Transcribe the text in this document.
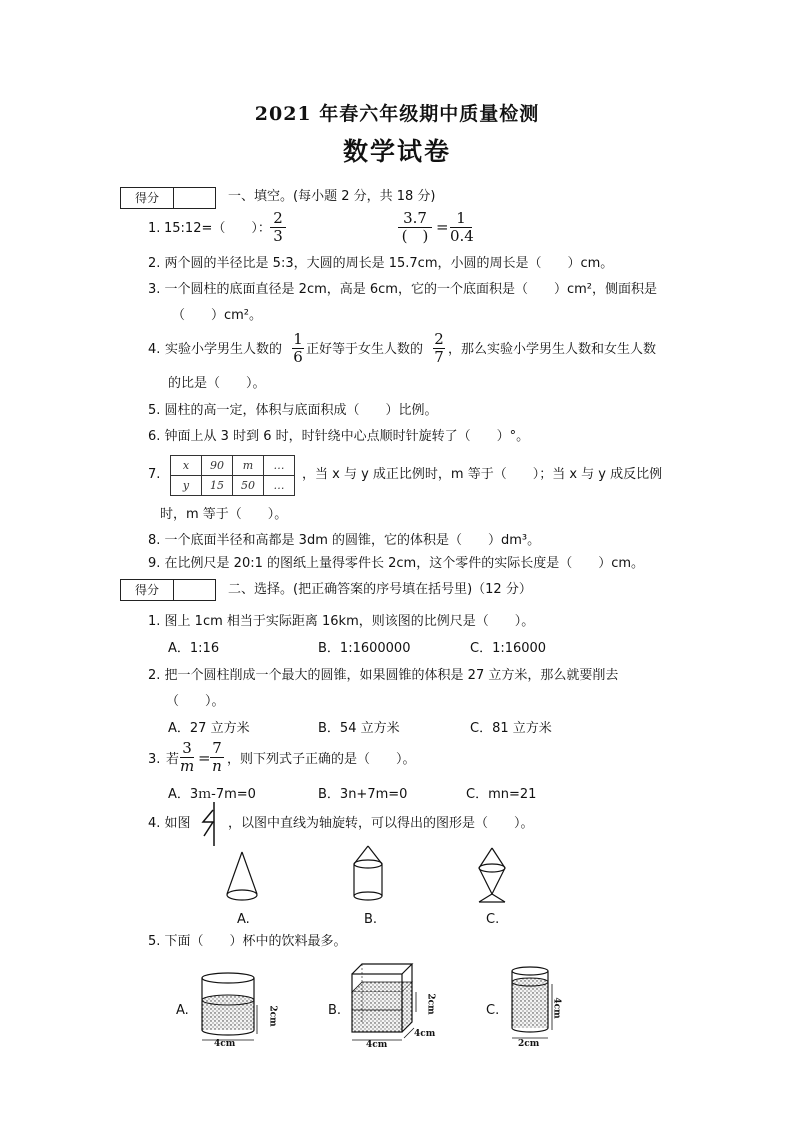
2021 年春六年级期中质量检测
数学试卷
得分	一、填空。(每小题 2 分，共 18 分)
1. 15:12=（　　）：
2
3
3.7
(　) = 1
0.4
2. 两个圆的半径比是 5:3，大圆的周长是 15.7cm，小圆的周长是（　　）cm。
3. 一个圆柱的底面直径是 2cm，高是 6cm，它的一个底面积是（　　）cm²，侧面积是
（　　）cm²。
4. 实验小学男生人数的
1
6 正好等于女生人数的
2
7 ，那么实验小学男生人数和女生人数
的比是（　　）。
5. 圆柱的高一定，体积与底面积成（　　）比例。
6. 钟面上从 3 时到 6 时，时针绕中心点顺时针旋转了（　　）°。
7.
x	90	m	…
y	15	50	…
，当 x 与 y 成正比例时，m 等于（　　）；当 x 与 y 成反比例
时，m 等于（　　）。
8. 一个底面半径和高都是 3dm 的圆锥，它的体积是（　　）dm³。
9. 在比例尺是 20:1 的图纸上量得零件长 2cm，这个零件的实际长度是（　　）cm。
得分	二、选择。(把正确答案的序号填在括号里)（12 分）
1. 图上 1cm 相当于实际距离 16km，则该图的比例尺是（　　）。
A．1:16	B．1:1600000	C．1:16000
2. 把一个圆柱削成一个最大的圆锥，如果圆锥的体积是 27 立方米，那么就要削去
（　　）。
A．27 立方米	B．54 立方米	C．81 立方米
3. 若
3
m =
7
n ，则下列式子正确的是（　　）。
A．3ｍ-7m=0	B．3n+7m=0	C．mn=21
4. 如图	，以图中直线为轴旋转，可以得出的图形是（　　）。
A.	B.	C.
5. 下面（　　）杯中的饮料最多。
A.	2cm
4cm
B.	2cm
4cm
4cm
C.	4cm
2cm
